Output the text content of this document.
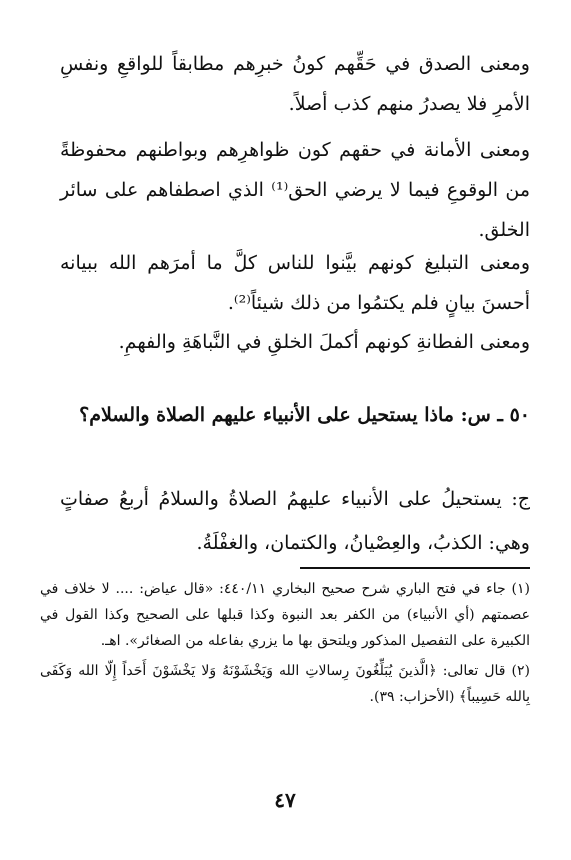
ومعنى الصدق في حَقِّهم كونُ خبرِهم مطابقاً للواقعِ ونفسِ الأمرِ فلا يصدرُ منهم كذب أصلاً.

ومعنى الأمانة في حقهم كون ظواهرِهم وبواطنهم محفوظةً من الوقوعِ فيما لا يرضي الحق⁽¹⁾ الذي اصطفاهم على سائر الخلق.

ومعنى التبليغ كونهم بيَّنوا للناس كلَّ ما أمرَهم الله ببيانه أحسنَ بيانٍ فلم يكتمُوا من ذلك شيئاً⁽²⁾.

ومعنى الفطانةِ كونهم أكملَ الخلقِ في النَّباهَةِ والفهمِ.

٥٠ ـ س: ماذا يستحيل على الأنبياء عليهم الصلاة والسلام؟

ج: يستحيلُ على الأنبياء عليهمُ الصلاةُ والسلامُ أربعُ صفاتٍ وهي: الكذبُ، والعِصْيانُ، والكتمان، والغفْلَةُ.

(١) جاء في فتح الباري شرح صحيح البخاري ٤٤٠/١١: «قال عياض: .... لا خلاف في عصمتهم (أي الأنبياء) من الكفر بعد النبوة وكذا قبلها على الصحيح وكذا القول في الكبيرة على التفصيل المذكور ويلتحق بها ما يزري بفاعله من الصغائر». اهـ.

(٢) قال تعالى: ﴿الَّذينَ يُبَلِّغُونَ رِسالاتِ الله وَيَخْشَوْنَهُ وَلا يَخْشَوْنَ أَحَداً إِلّا الله وَكَفَى بِالله حَسِيباً﴾ (الأحزاب: ٣٩).

٤٧
